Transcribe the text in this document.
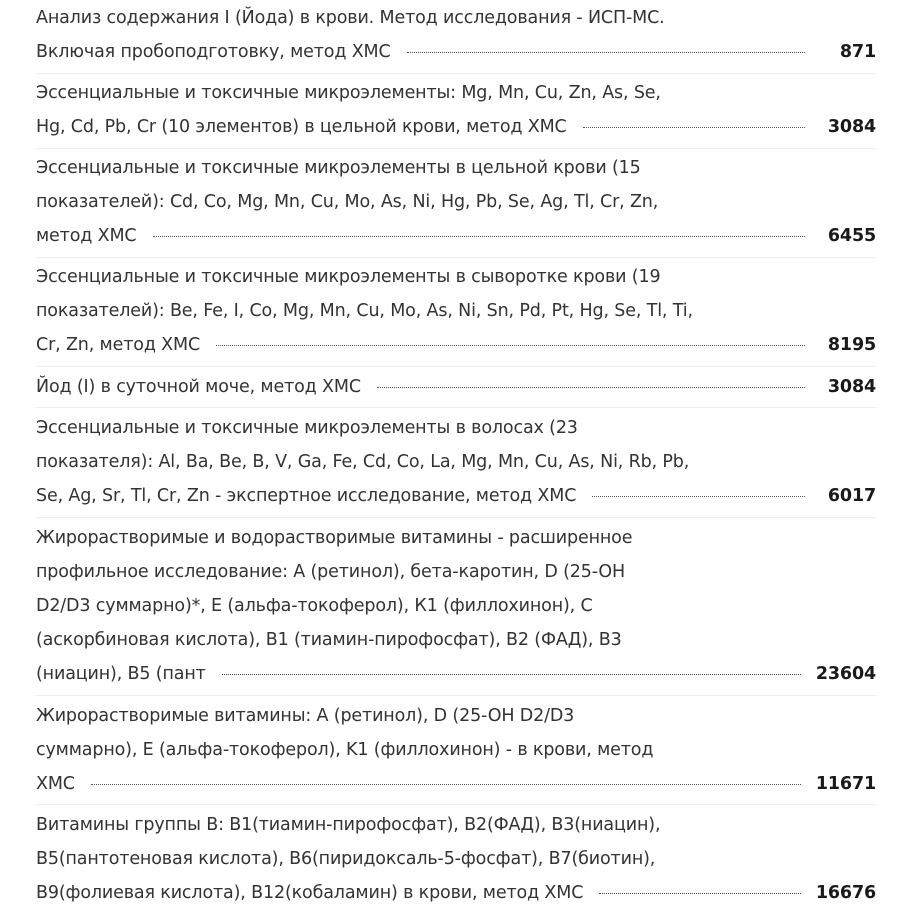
Анализ содержания I (Йода) в крови. Метод исследования - ИСП-МС.
Включая пробоподготовку, метод ХМС	871
Эссенциальные и токсичные микроэлементы: Mg, Mn, Cu, Zn, As, Se,
Hg, Cd, Pb, Cr (10 элементов) в цельной крови, метод ХМС	3084
Эссенциальные и токсичные микроэлементы в цельной крови (15
показателей): Cd, Co, Mg, Mn, Cu, Mo, As, Ni, Hg, Pb, Se, Ag, Tl, Cr, Zn,
метод ХМС	6455
Эссенциальные и токсичные микроэлементы в сыворотке крови (19
показателей): Be, Fe, I, Co, Mg, Mn, Cu, Mo, As, Ni, Sn, Pd, Pt, Hg, Se, Tl, Ti,
Cr, Zn, метод ХМС	8195
Йод (I) в суточной моче, метод ХМС	3084
Эссенциальные и токсичные микроэлементы в волосах (23
показателя): Al, Ba, Be, B, V, Ga, Fe, Cd, Co, La, Mg, Mn, Cu, As, Ni, Rb, Pb,
Se, Ag, Sr, Tl, Cr, Zn - экспертное исследование, метод ХМС	6017
Жирорастворимые и водорастворимые витамины - расширенное
профильное исследование: A (ретинол), бета-каротин, D (25-OH
D2/D3 суммарно)*, E (альфа-токоферол), К1 (филлохинон), С
(аскорбиновая кислота), В1 (тиамин-пирофосфат), В2 (ФАД), В3
(ниацин), В5 (пант	23604
Жирорастворимые витамины: A (ретинол), D (25-OH D2/D3
суммарно), E (альфа-токоферол), K1 (филлохинон) - в крови, метод
ХМС	11671
Витамины группы В: В1(тиамин-пирофосфат), В2(ФАД), В3(ниацин),
В5(пантотеновая кислота), В6(пиридоксаль-5-фосфат), В7(биотин),
В9(фолиевая кислота), В12(кобаламин) в крови, метод ХМС	16676
